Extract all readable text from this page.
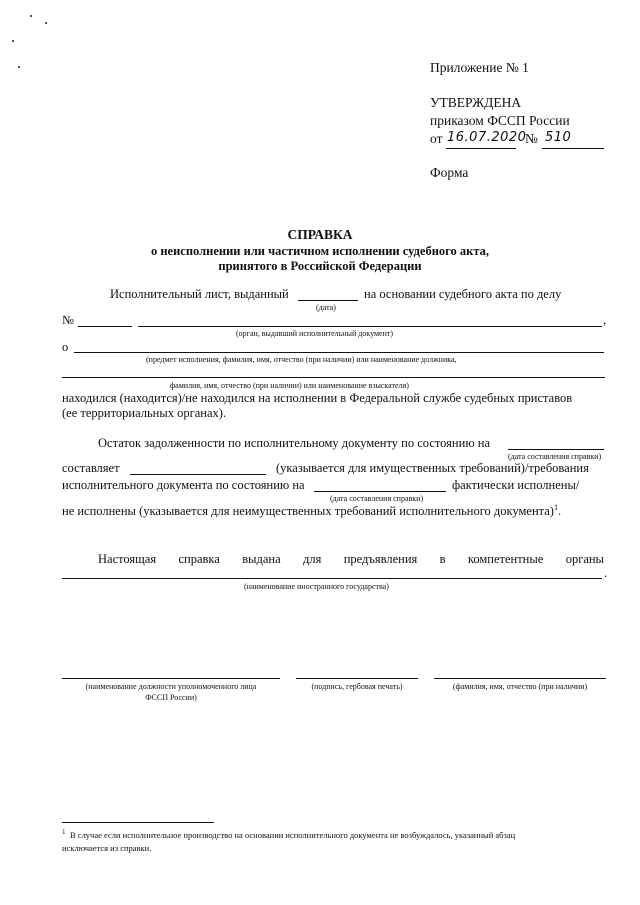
Приложение № 1
УТВЕРЖДЕНА
приказом ФССП России
от 16.07.2020
№ 510
Форма
СПРАВКА
о неисполнении или частичном исполнении судебного акта,
принятого в Российской Федерации
Исполнительный лист, выданный	на основании судебного акта по делу
(дата)
№	,
(орган, выдавший исполнительный документ)
о
(предмет исполнения, фамилия, имя, отчество (при наличии) или наименование должника,
фамилия, имя, отчество (при наличии) или наименование взыскателя)
находился (находится)/не находился на исполнении в Федеральной службе судебных приставов
(ее территориальных органах).
Остаток задолженности по исполнительному документу по состоянию на
(дата составления справки)
составляет	(указывается для имущественных требований)/требования
исполнительного документа по состоянию на	фактически исполнены/
(дата составления справки)
не исполнены (указывается для неимущественных требований исполнительного документа)$^1$.
Настоящая справка выдана для предъявления в компетентные органы
.
(наименование иностранного государства)
(наименование должности уполномоченного лица
ФССП России)
(подпись, гербовая печать)	(фамилия, имя, отчество (при наличии)
1 В случае если исполнительное производство на основании исполнительного документа не возбуждалось, указанный абзац
исключается из справки.
